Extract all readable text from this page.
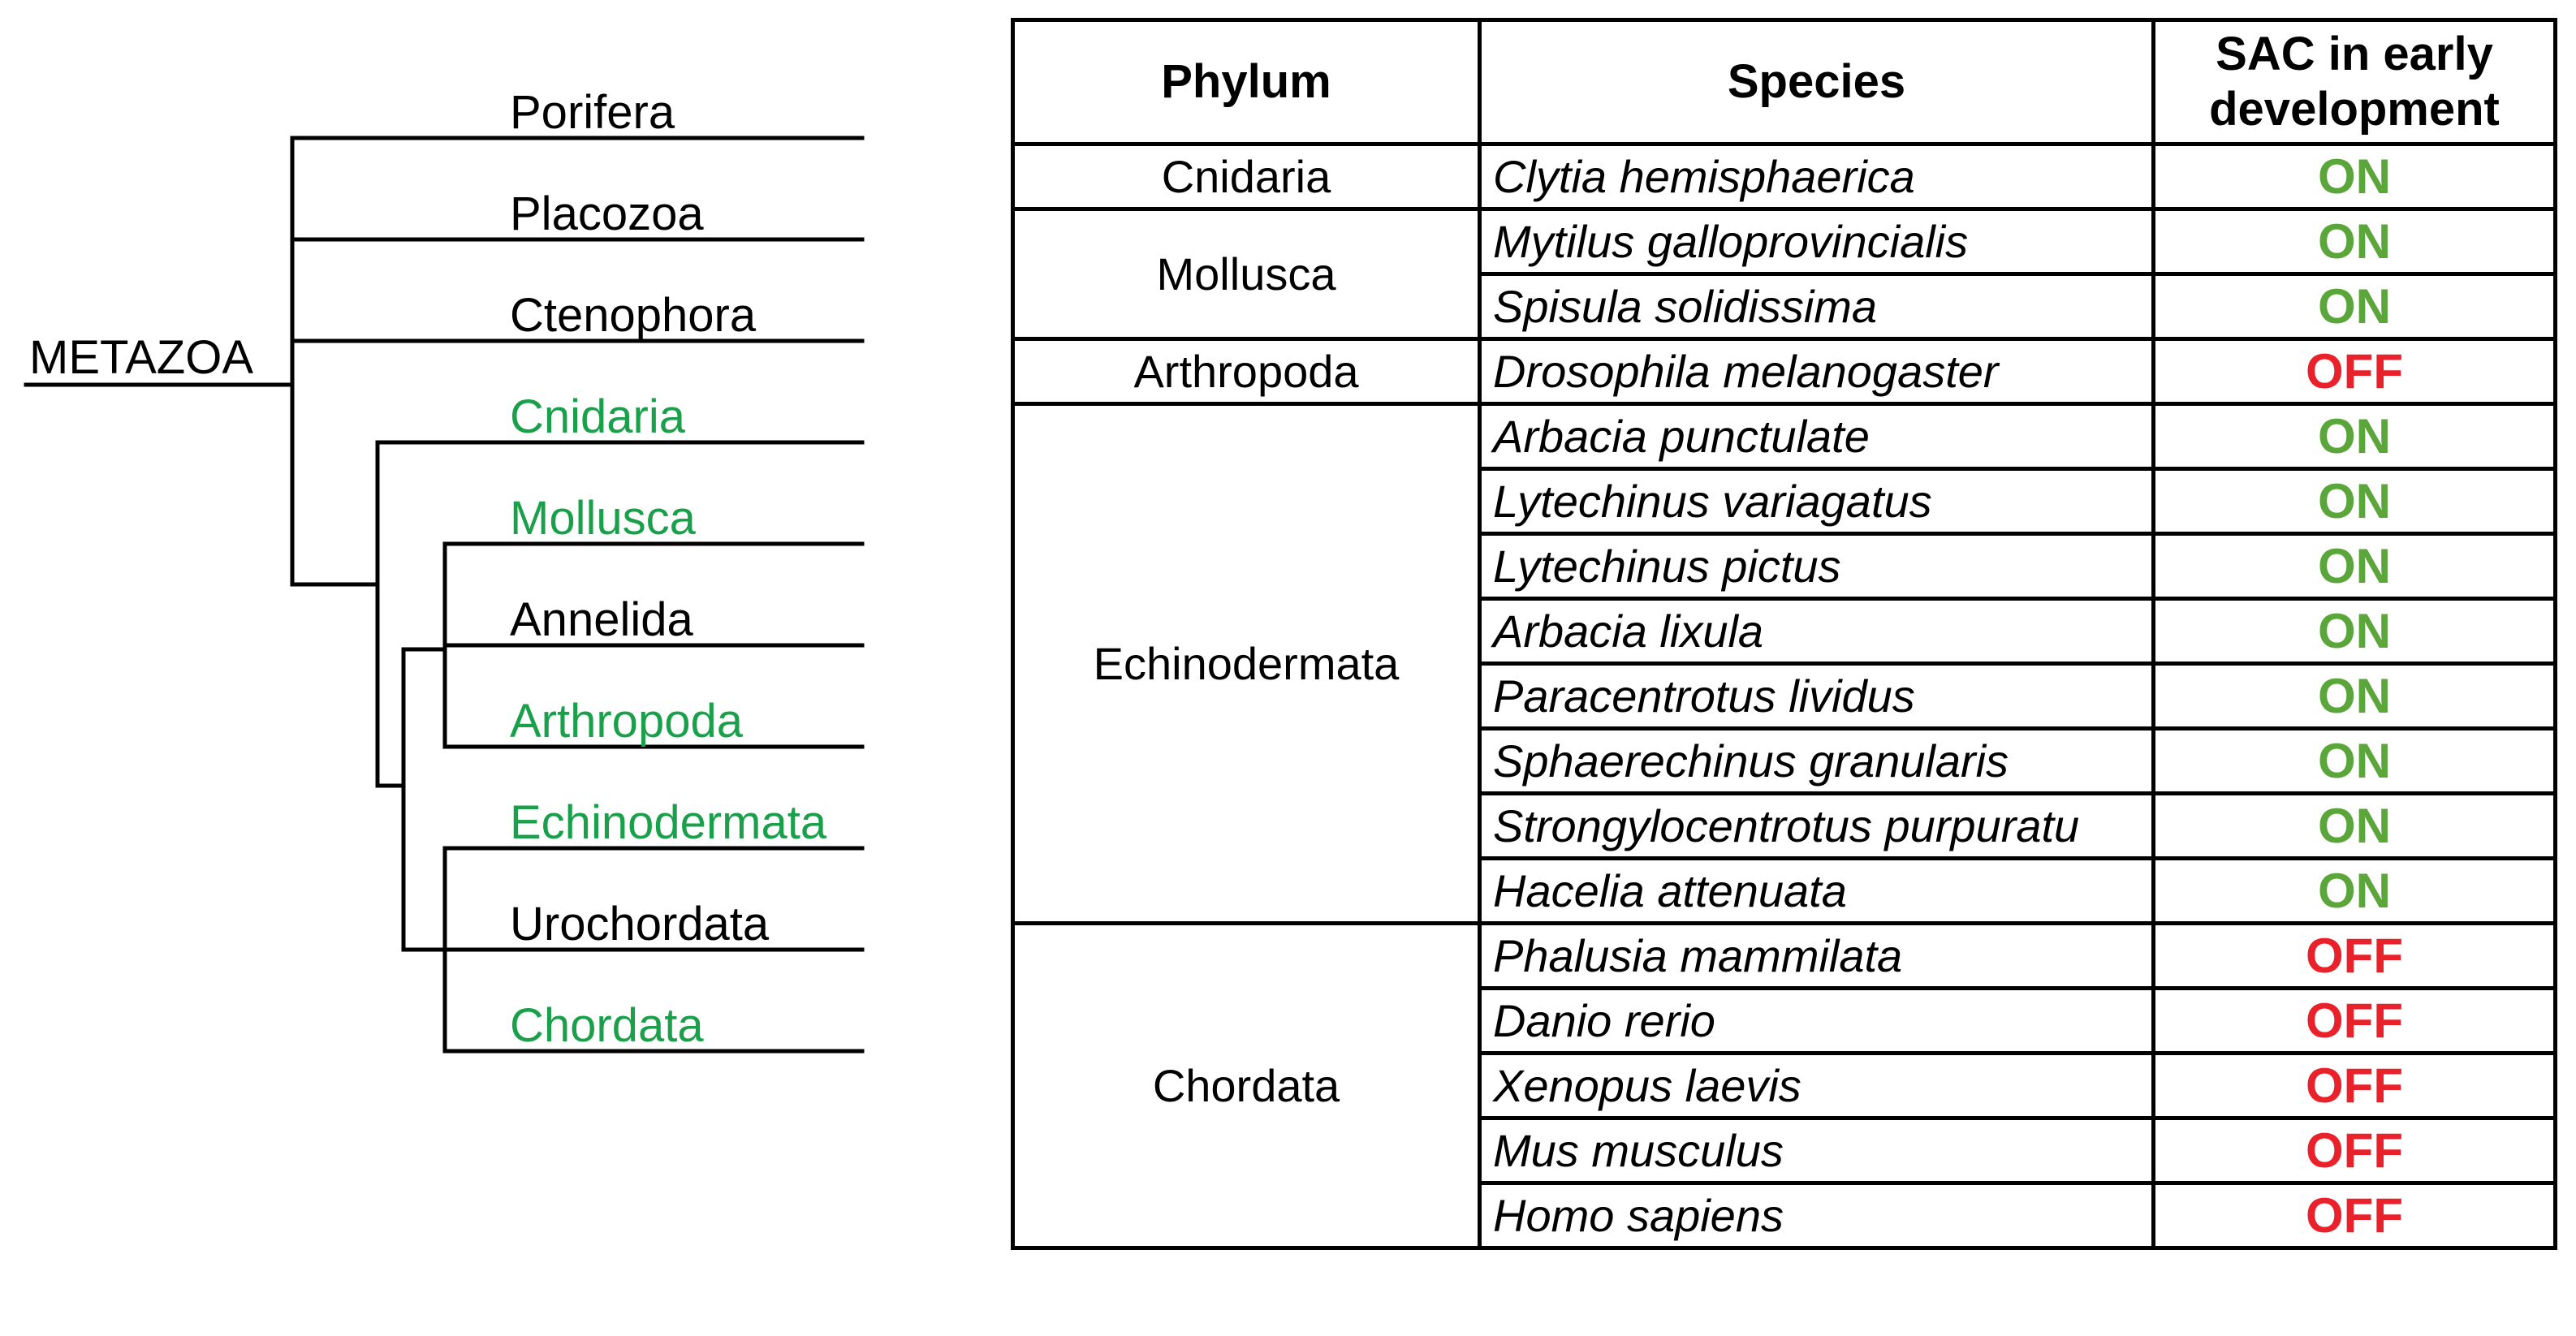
METAZOA
Porifera
Placozoa
Ctenophora
Cnidaria
Mollusca
Annelida
Arthropoda
Echinodermata
Urochordata
Chordata
Phylum	Species	SAC in early development
Cnidaria	Clytia hemisphaerica	ON
Mollusca	Mytilus galloprovincialis	ON
	Spisula solidissima	ON
Arthropoda	Drosophila melanogaster	OFF
Echinodermata	Arbacia punctulate	ON
	Lytechinus variagatus	ON
	Lytechinus pictus	ON
	Arbacia lixula	ON
	Paracentrotus lividus	ON
	Sphaerechinus granularis	ON
	Strongylocentrotus purpuratu	ON
	Hacelia attenuata	ON
Chordata	Phalusia mammilata	OFF
	Danio rerio	OFF
	Xenopus laevis	OFF
	Mus musculus	OFF
	Homo sapiens	OFF
